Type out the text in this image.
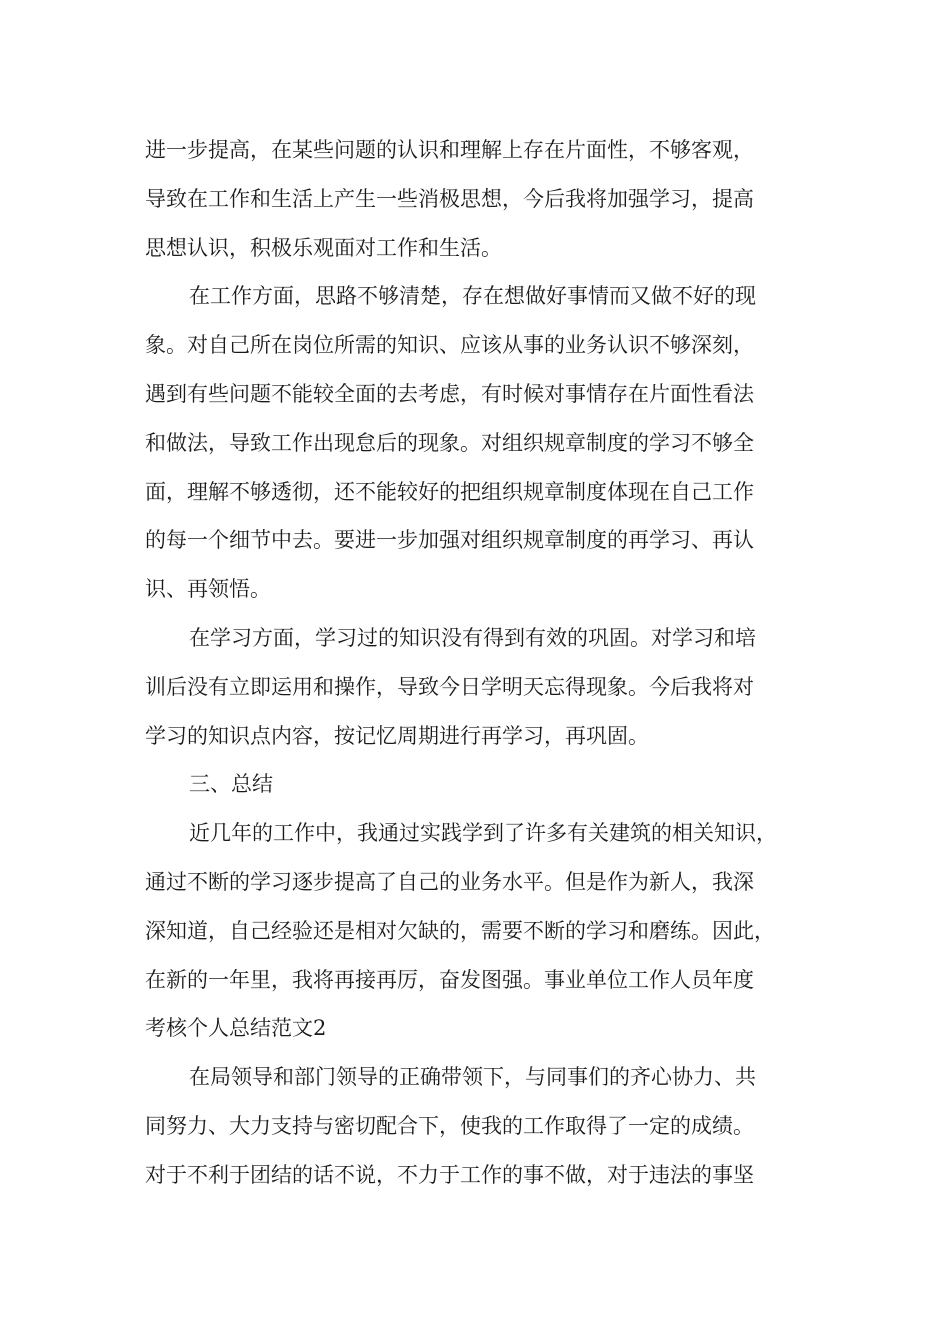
进一步提高，在某些问题的认识和理解上存在片面性，不够客观，
导致在工作和生活上产生一些消极思想，今后我将加强学习，提高
思想认识，积极乐观面对工作和生活。
在工作方面，思路不够清楚，存在想做好事情而又做不好的现
象。对自己所在岗位所需的知识、应该从事的业务认识不够深刻，
遇到有些问题不能较全面的去考虑，有时候对事情存在片面性看法
和做法，导致工作出现怠后的现象。对组织规章制度的学习不够全
面，理解不够透彻，还不能较好的把组织规章制度体现在自己工作
的每一个细节中去。要进一步加强对组织规章制度的再学习、再认
识、再领悟。
在学习方面，学习过的知识没有得到有效的巩固。对学习和培
训后没有立即运用和操作，导致今日学明天忘得现象。今后我将对
学习的知识点内容，按记忆周期进行再学习，再巩固。
三、总结
近几年的工作中，我通过实践学到了许多有关建筑的相关知识，
通过不断的学习逐步提高了自己的业务水平。但是作为新人，我深
深知道，自己经验还是相对欠缺的，需要不断的学习和磨练。因此，
在新的一年里，我将再接再厉，奋发图强。事业单位工作人员年度
考核个人总结范文2
在局领导和部门领导的正确带领下，与同事们的齐心协力、共
同努力、大力支持与密切配合下，使我的工作取得了一定的成绩。
对于不利于团结的话不说，不力于工作的事不做，对于违法的事坚
